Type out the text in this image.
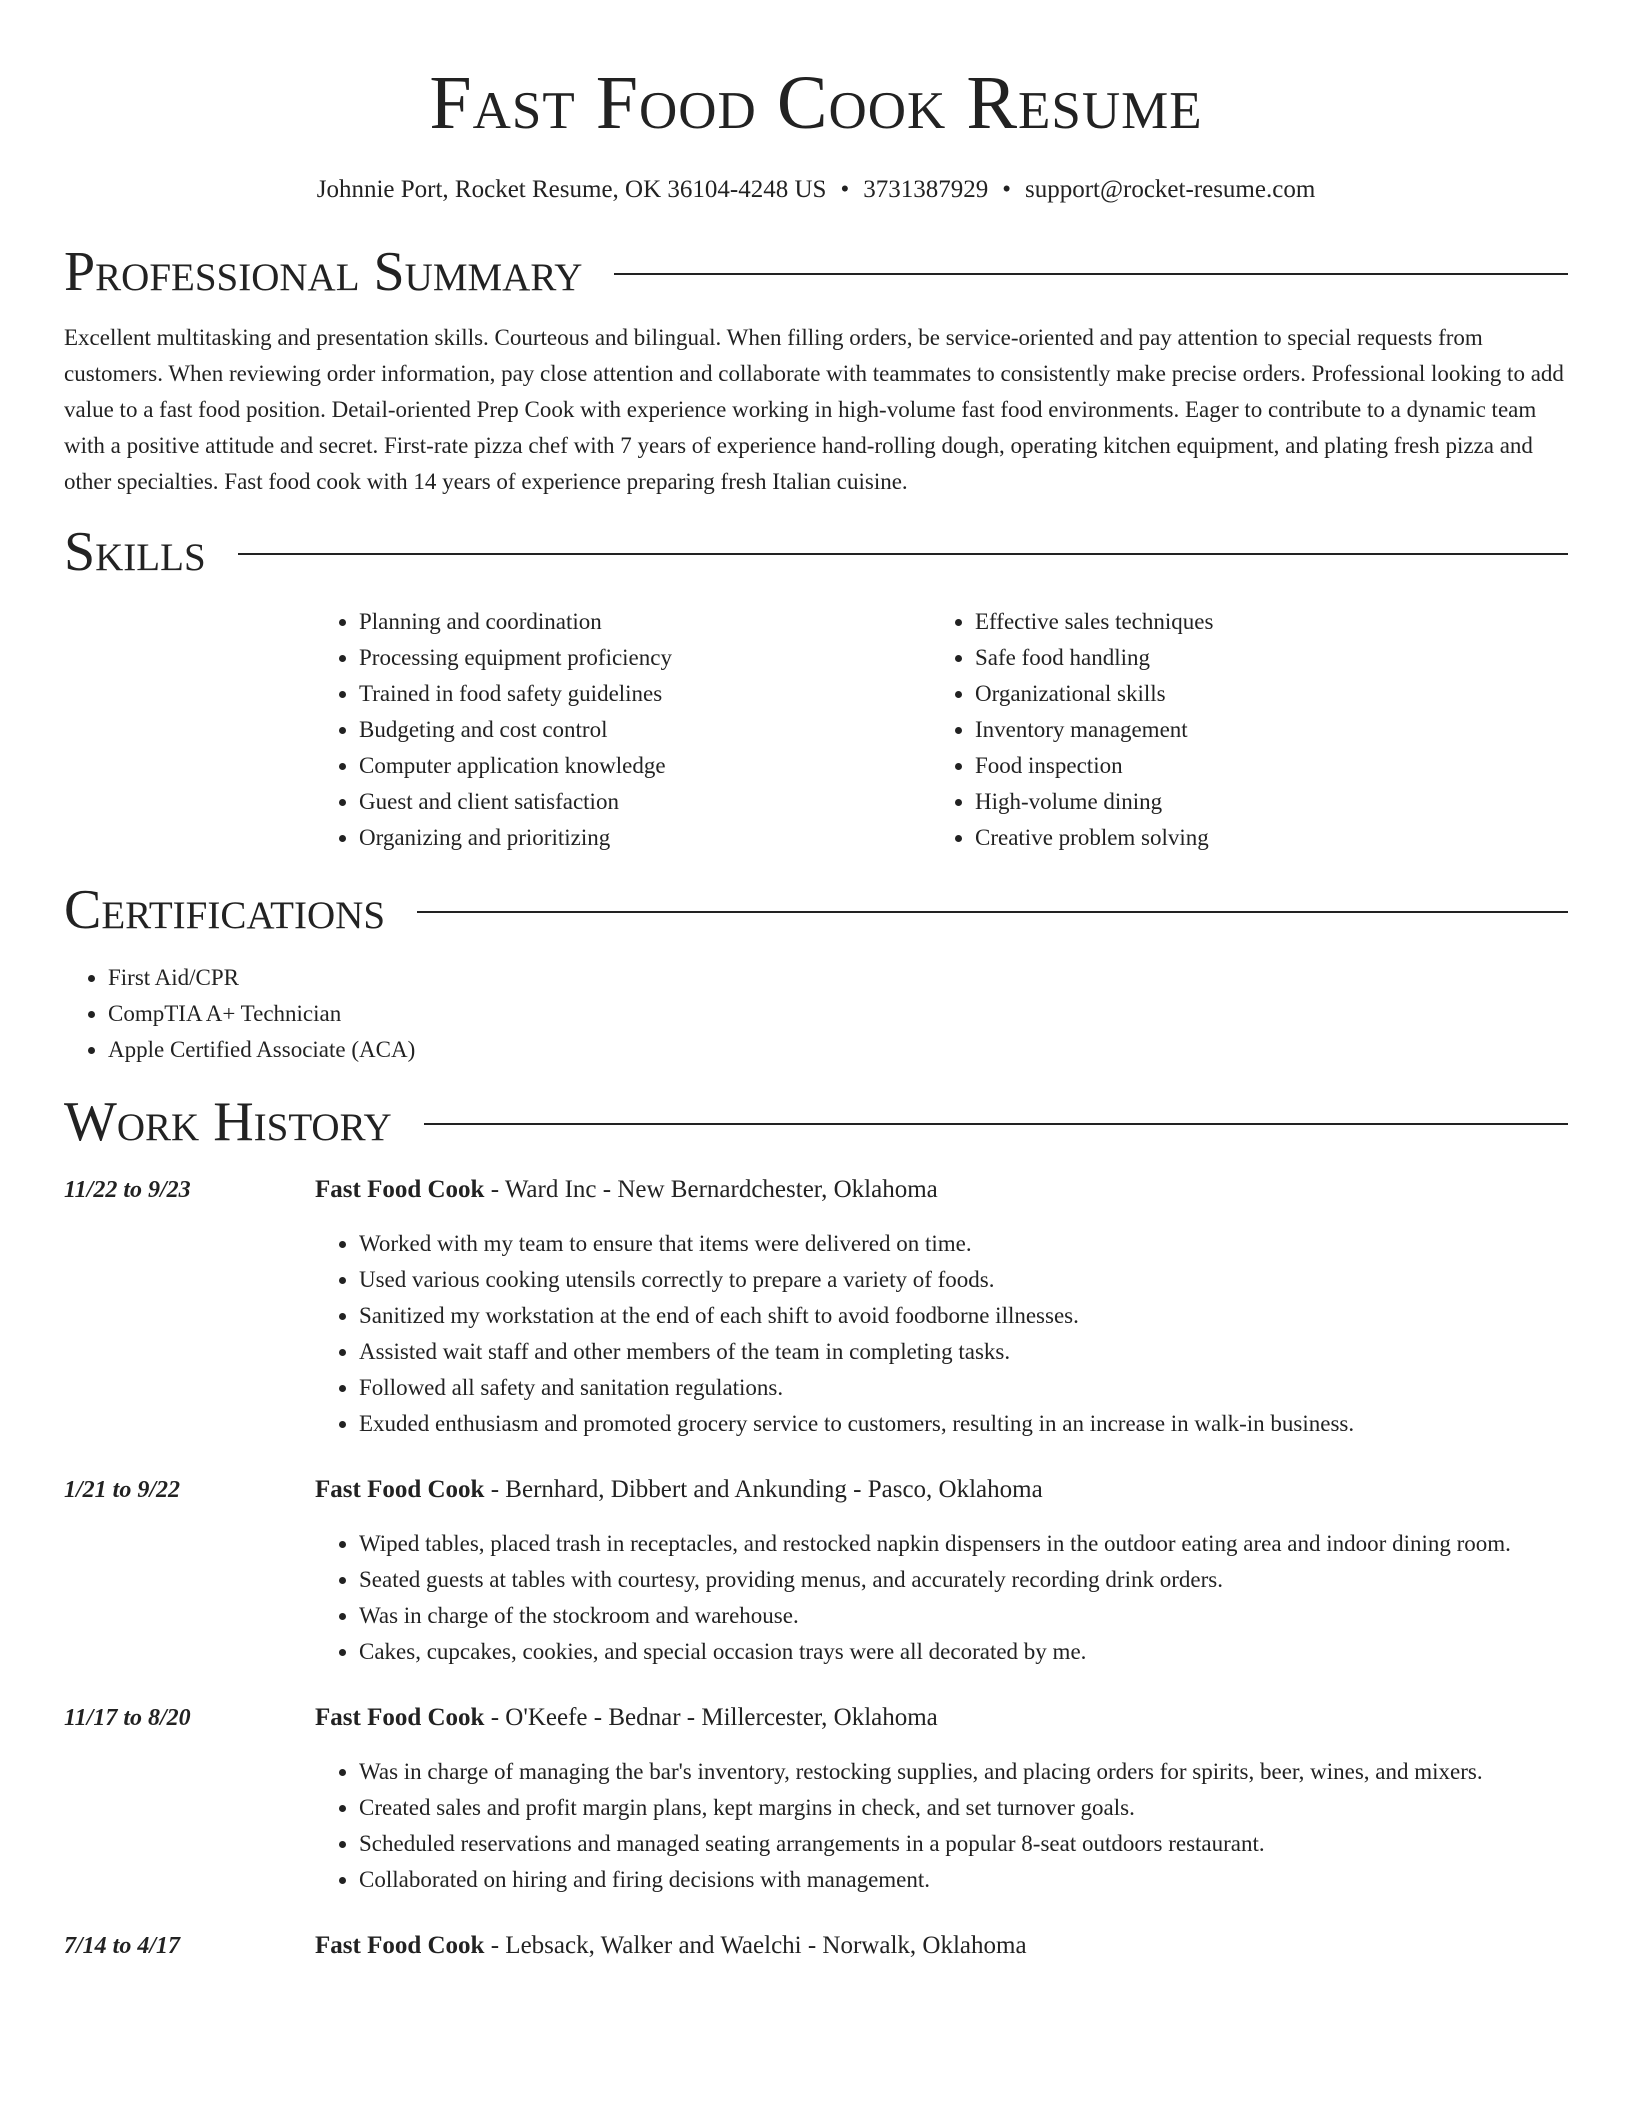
Fast Food Cook Resume
Johnnie Port, Rocket Resume, OK 36104-4248 US • 3731387929 • support@rocket-resume.com
Professional Summary

Excellent multitasking and presentation skills. Courteous and bilingual. When filling orders, be service-oriented and pay attention to special requests from customers. When reviewing order information, pay close attention and collaborate with teammates to consistently make precise orders. Professional looking to add value to a fast food position. Detail-oriented Prep Cook with experience working in high-volume fast food environments. Eager to contribute to a dynamic team with a positive attitude and secret. First-rate pizza chef with 7 years of experience hand-rolling dough, operating kitchen equipment, and plating fresh pizza and other specialties. Fast food cook with 14 years of experience preparing fresh Italian cuisine.

Skills
• Planning and coordination
• Processing equipment proficiency
• Trained in food safety guidelines
• Budgeting and cost control
• Computer application knowledge
• Guest and client satisfaction
• Organizing and prioritizing
• Effective sales techniques
• Safe food handling
• Organizational skills
• Inventory management
• Food inspection
• High-volume dining
• Creative problem solving
Certifications
• First Aid/CPR
• CompTIA A+ Technician
• Apple Certified Associate (ACA)
Work History
11/22 to 9/23	Fast Food Cook - Ward Inc - New Bernardchester, Oklahoma
• Worked with my team to ensure that items were delivered on time.
• Used various cooking utensils correctly to prepare a variety of foods.
• Sanitized my workstation at the end of each shift to avoid foodborne illnesses.
• Assisted wait staff and other members of the team in completing tasks.
• Followed all safety and sanitation regulations.
• Exuded enthusiasm and promoted grocery service to customers, resulting in an increase in walk-in business.
1/21 to 9/22	Fast Food Cook - Bernhard, Dibbert and Ankunding - Pasco, Oklahoma
• Wiped tables, placed trash in receptacles, and restocked napkin dispensers in the outdoor eating area and indoor dining room.
• Seated guests at tables with courtesy, providing menus, and accurately recording drink orders.
• Was in charge of the stockroom and warehouse.
• Cakes, cupcakes, cookies, and special occasion trays were all decorated by me.
11/17 to 8/20	Fast Food Cook - O'Keefe - Bednar - Millercester, Oklahoma
• Was in charge of managing the bar's inventory, restocking supplies, and placing orders for spirits, beer, wines, and mixers.
• Created sales and profit margin plans, kept margins in check, and set turnover goals.
• Scheduled reservations and managed seating arrangements in a popular 8-seat outdoors restaurant.
• Collaborated on hiring and firing decisions with management.
7/14 to 4/17	Fast Food Cook - Lebsack, Walker and Waelchi - Norwalk, Oklahoma
